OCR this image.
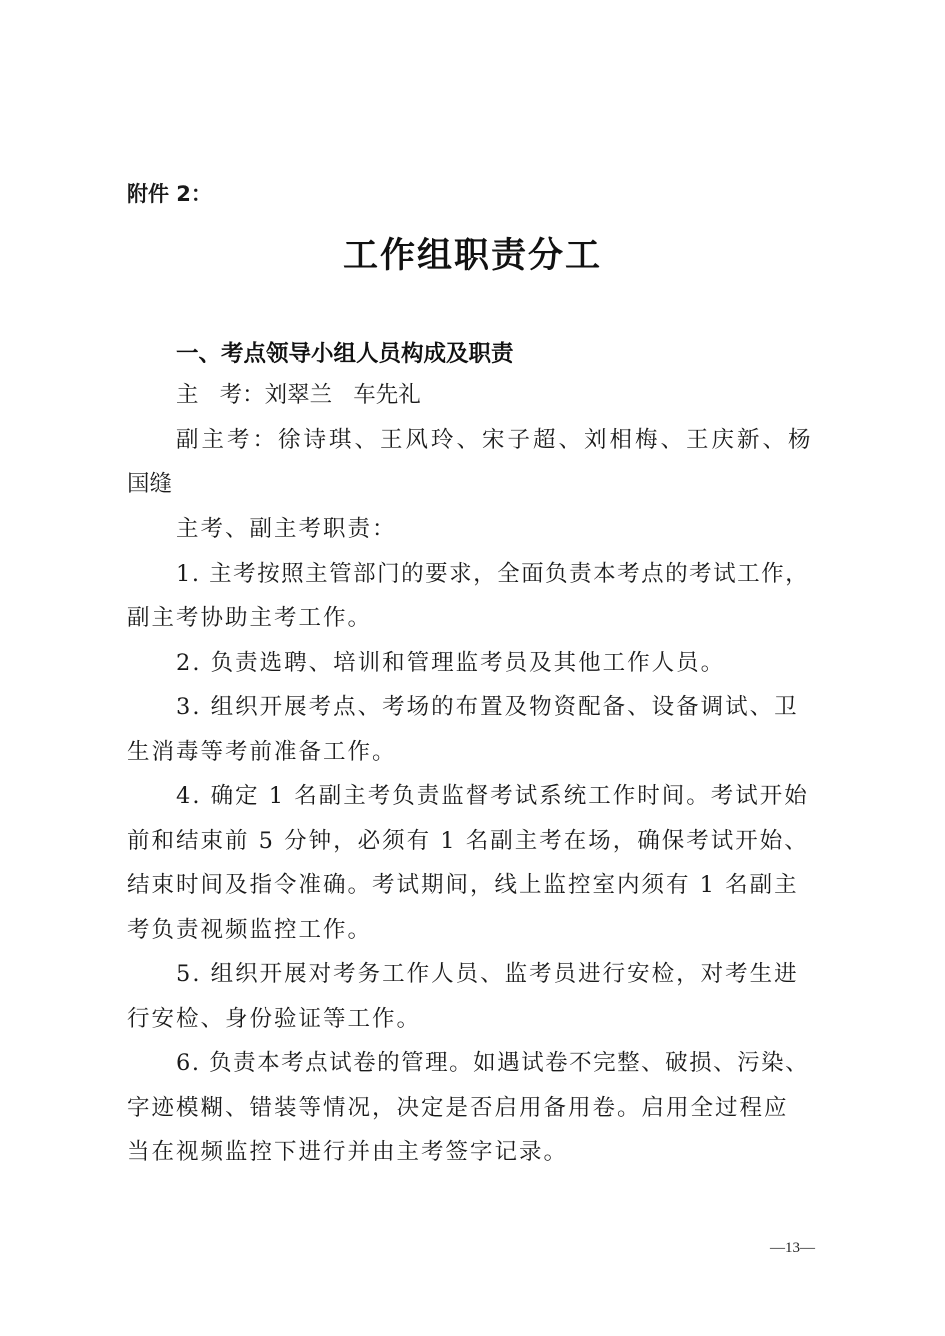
附件 2：
工作组职责分工
一、考点领导小组人员构成及职责
主 考：刘翠兰 车先礼
副主考：徐诗琪、王风玲、宋子超、刘相梅、王庆新、杨
国缝
主考、副主考职责：
1. 主考按照主管部门的要求，全面负责本考点的考试工作，
副主考协助主考工作。
2. 负责选聘、培训和管理监考员及其他工作人员。
3. 组织开展考点、考场的布置及物资配备、设备调试、卫
生消毒等考前准备工作。
4. 确定 1 名副主考负责监督考试系统工作时间。考试开始
前和结束前 5 分钟，必须有 1 名副主考在场，确保考试开始、
结束时间及指令准确。考试期间，线上监控室内须有 1 名副主
考负责视频监控工作。
5. 组织开展对考务工作人员、监考员进行安检，对考生进
行安检、身份验证等工作。
6. 负责本考点试卷的管理。如遇试卷不完整、破损、污染、
字迹模糊、错装等情况，决定是否启用备用卷。启用全过程应
当在视频监控下进行并由主考签字记录。
—13—
